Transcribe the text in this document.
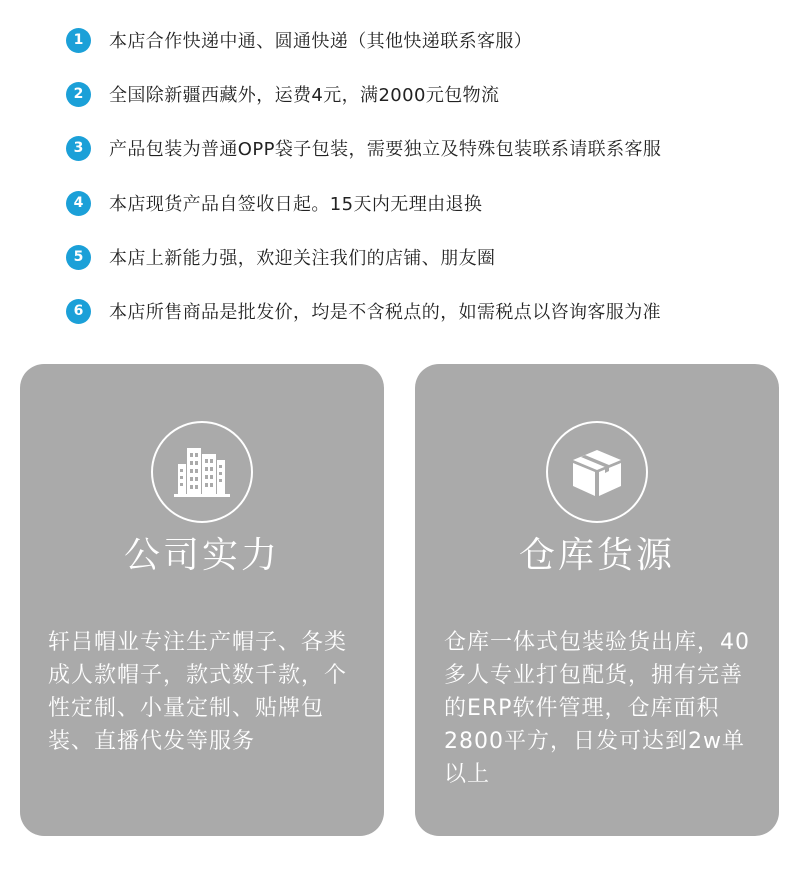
1	本店合作快递中通、圆通快递（其他快递联系客服）
2	全国除新疆西藏外，运费4元，满2000元包物流
3	产品包装为普通OPP袋子包装，需要独立及特殊包装联系请联系客服
4	本店现货产品自签收日起。15天内无理由退换
5	本店上新能力强，欢迎关注我们的店铺、朋友圈
6	本店所售商品是批发价，均是不含税点的，如需税点以咨询客服为准
公司实力
轩吕帽业专注生产帽子、各类成人款帽子，款式数千款，个性定制、小量定制、贴牌包装、直播代发等服务
仓库货源
仓库一体式包装验货出库，40多人专业打包配货，拥有完善的ERP软件管理，仓库面积2800平方，日发可达到2w单以上
